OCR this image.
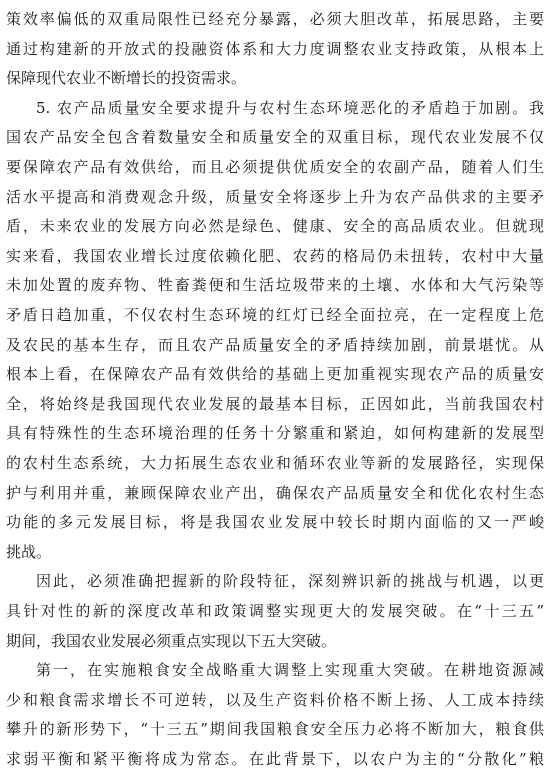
策效率偏低的双重局限性已经充分暴露，必须大胆改革，拓展思路，主要
通过构建新的开放式的投融资体系和大力度调整农业支持政策，从根本上
保障现代农业不断增长的投资需求。
5. 农产品质量安全要求提升与农村生态环境恶化的矛盾趋于加剧。我
国农产品安全包含着数量安全和质量安全的双重目标，现代农业发展不仅
要保障农产品有效供给，而且必须提供优质安全的农副产品，随着人们生
活水平提高和消费观念升级，质量安全将逐步上升为农产品供求的主要矛
盾，未来农业的发展方向必然是绿色、健康、安全的高品质农业。但就现
实来看，我国农业增长过度依赖化肥、农药的格局仍未扭转，农村中大量
未加处置的废弃物、牲畜粪便和生活垃圾带来的土壤、水体和大气污染等
矛盾日趋加重，不仅农村生态环境的红灯已经全面拉亮，在一定程度上危
及农民的基本生存，而且农产品质量安全的矛盾持续加剧，前景堪忧。从
根本上看，在保障农产品有效供给的基础上更加重视实现农产品的质量安
全，将始终是我国现代农业发展的最基本目标，正因如此，当前我国农村
具有特殊性的生态环境治理的任务十分繁重和紧迫，如何构建新的发展型
的农村生态系统，大力拓展生态农业和循环农业等新的发展路径，实现保
护与利用并重，兼顾保障农业产出，确保农产品质量安全和优化农村生态
功能的多元发展目标，将是我国农业发展中较长时期内面临的又一严峻
挑战。
因此，必须准确把握新的阶段特征，深刻辨识新的挑战与机遇，以更
具针对性的新的深度改革和政策调整实现更大的发展突破。在“十三五”
期间，我国农业发展必须重点实现以下五大突破。
第一，在实施粮食安全战略重大调整上实现重大突破。在耕地资源减
少和粮食需求增长不可逆转，以及生产资料价格不断上扬、人工成本持续
攀升的新形势下，“十三五”期间我国粮食安全压力必将不断加大，粮食供
求弱平衡和紧平衡将成为常态。在此背景下，以农户为主的“分散化”粮
